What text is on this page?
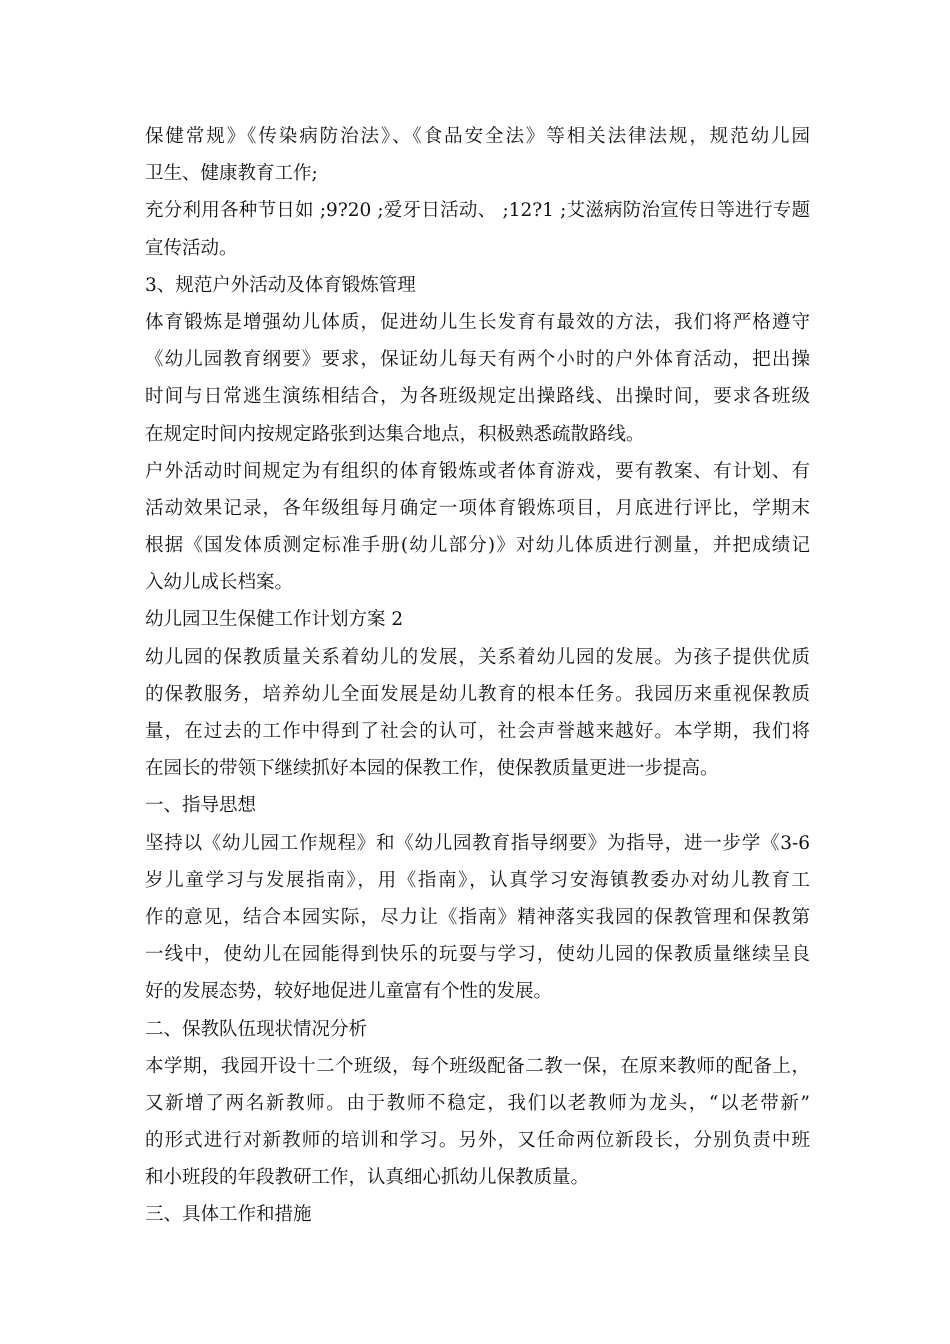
保健常规》《传染病防治法》、《食品安全法》等相关法律法规，规范幼儿园
卫生、健康教育工作;
充分利用各种节日如 ;9?20 ;爱牙日活动、 ;12?1 ;艾滋病防治宣传日等进行专题
宣传活动。
3、规范户外活动及体育锻炼管理
体育锻炼是增强幼儿体质，促进幼儿生长发育有最效的方法，我们将严格遵守
《幼儿园教育纲要》要求，保证幼儿每天有两个小时的户外体育活动，把出操
时间与日常逃生演练相结合，为各班级规定出操路线、出操时间，要求各班级
在规定时间内按规定路张到达集合地点，积极熟悉疏散路线。
户外活动时间规定为有组织的体育锻炼或者体育游戏，要有教案、有计划、有
活动效果记录，各年级组每月确定一项体育锻炼项目，月底进行评比，学期末
根据《国发体质测定标准手册(幼儿部分)》对幼儿体质进行测量，并把成绩记
入幼儿成长档案。
幼儿园卫生保健工作计划方案 2
幼儿园的保教质量关系着幼儿的发展，关系着幼儿园的发展。为孩子提供优质
的保教服务，培养幼儿全面发展是幼儿教育的根本任务。我园历来重视保教质
量，在过去的工作中得到了社会的认可，社会声誉越来越好。本学期，我们将
在园长的带领下继续抓好本园的保教工作，使保教质量更进一步提高。
一、指导思想
坚持以《幼儿园工作规程》和《幼儿园教育指导纲要》为指导，进一步学《3-6
岁儿童学习与发展指南》，用《指南》，认真学习安海镇教委办对幼儿教育工
作的意见，结合本园实际，尽力让《指南》精神落实我园的保教管理和保教第
一线中，使幼儿在园能得到快乐的玩耍与学习，使幼儿园的保教质量继续呈良
好的发展态势，较好地促进儿童富有个性的发展。
二、保教队伍现状情况分析
本学期，我园开设十二个班级，每个班级配备二教一保，在原来教师的配备上，
又新增了两名新教师。由于教师不稳定，我们以老教师为龙头，“以老带新”
的形式进行对新教师的培训和学习。另外，又任命两位新段长，分别负责中班
和小班段的年段教研工作，认真细心抓幼儿保教质量。
三、具体工作和措施
